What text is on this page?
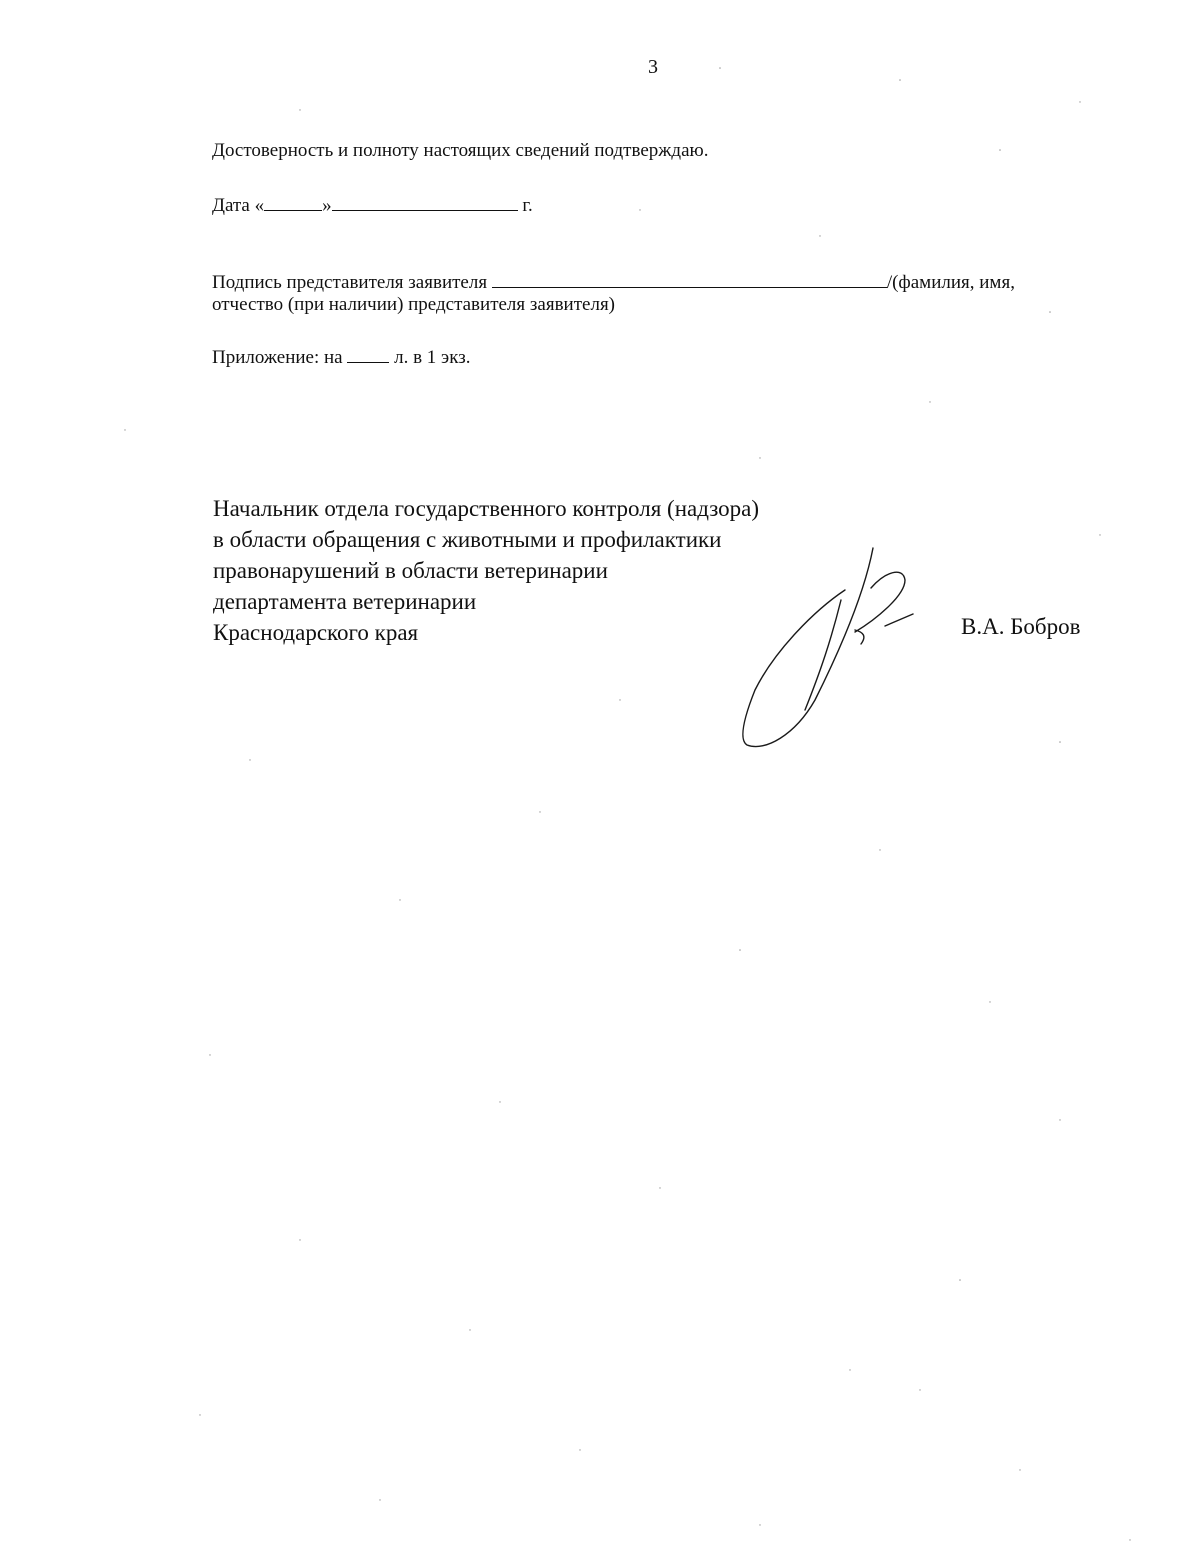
3
Достоверность и полноту настоящих сведений подтверждаю.
Дата «	»	г.
Подпись представителя заявителя	/(фамилия, имя,
отчество (при наличии) представителя заявителя)
Приложение: на	л. в 1 экз.
Начальник отдела государственного контроля (надзора)
в области обращения с животными и профилактики
правонарушений в области ветеринарии
департамента ветеринарии
Краснодарского края	В.А. Бобров
